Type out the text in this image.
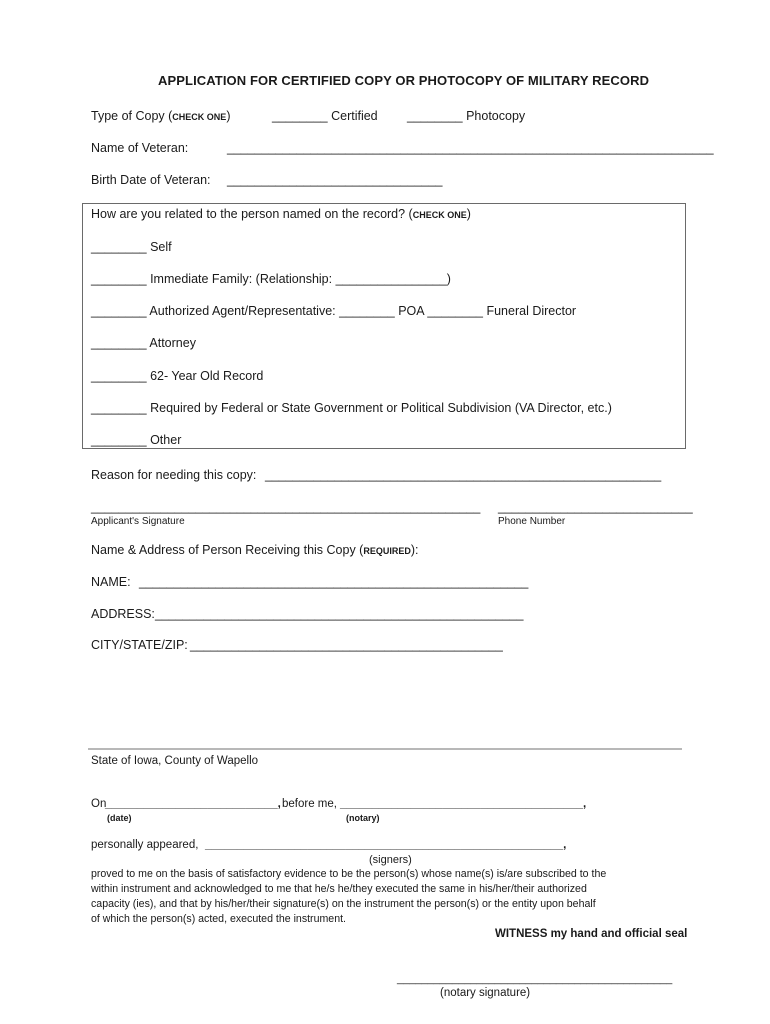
APPLICATION FOR CERTIFIED COPY OR PHOTOCOPY OF MILITARY RECORD
Type of Copy (CHECK ONE)	________ Certified ________ Photocopy
Name of Veteran:	______________________________________________________________________
Birth Date of Veteran: _______________________________
How are you related to the person named on the record? (CHECK ONE)
________ Self
________ Immediate Family: (Relationship: ________________)
________ Authorized Agent/Representative: ________ POA ________ Funeral Director
________ Attorney
________ 62- Year Old Record
________ Required by Federal or State Government or Political Subdivision (VA Director, etc.)
________ Other
Reason for needing this copy: _________________________________________________________
________________________________________________________
Applicant's Signature
____________________________
Phone Number
Name & Address of Person Receiving this Copy (REQUIRED):
NAME: ________________________________________________________
ADDRESS: _____________________________________________________
CITY/STATE/ZIP: _____________________________________________
State of Iowa, County of Wapello
On
___________________________, before me, ______________________________________,
(date)	(notary)
personally appeared, ________________________________________________________,
(signers)
proved to me on the basis of satisfactory evidence to be the person(s) whose name(s) is/are subscribed to the
within instrument and acknowledged to me that he/s he/they executed the same in his/her/their authorized
capacity (ies), and that by his/her/their signature(s) on the instrument the person(s) or the entity upon behalf
of which the person(s) acted, executed the instrument.
WITNESS my hand and official seal
_____________________________________________
(notary signature)
